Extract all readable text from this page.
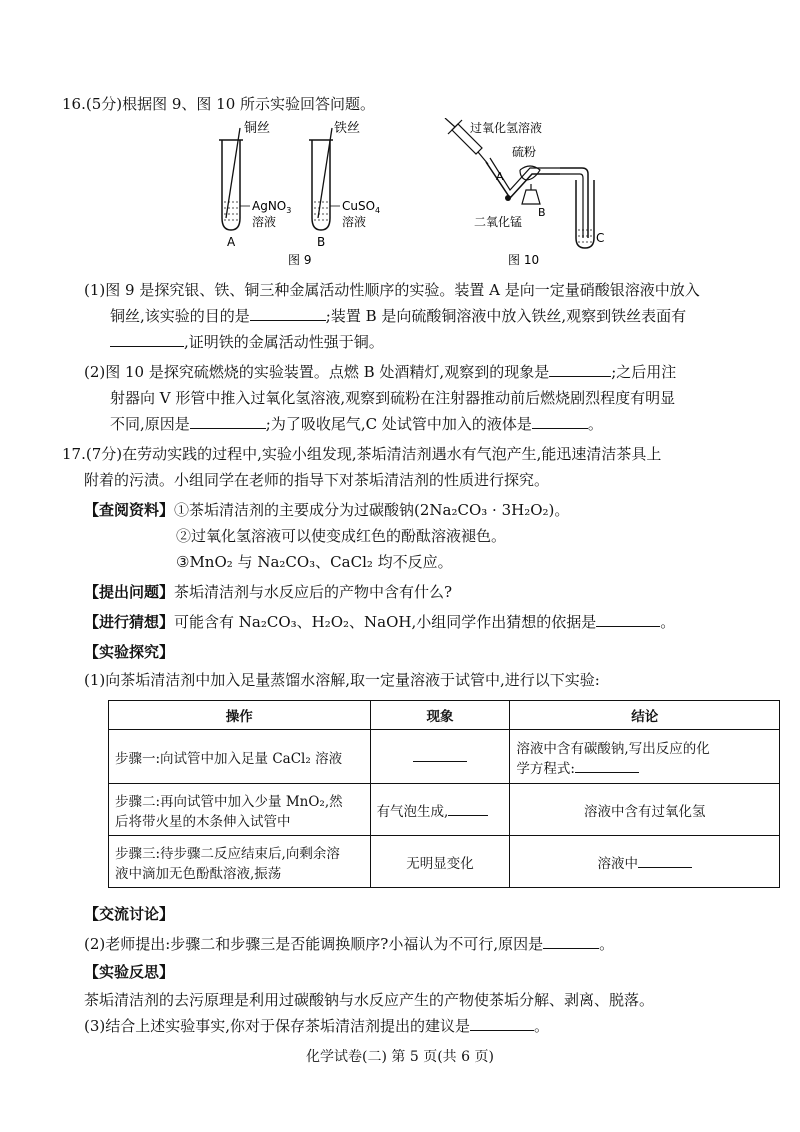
16.(5分)根据图 9、图 10 所示实验回答问题。
铜丝
AgNO$_3$
溶液
A
铁丝
CuSO$_4$
溶液
B
图 9
过氧化氢溶液
硫粉
A
B
二氧化锰
C
图 10
(1)图 9 是探究银、铁、铜三种金属活动性顺序的实验。装置 A 是向一定量硝酸银溶液中放入
铜丝,该实验的目的是	;装置 B 是向硫酸铜溶液中放入铁丝,观察到铁丝表面有
,证明铁的金属活动性强于铜。
(2)图 10 是探究硫燃烧的实验装置。点燃 B 处酒精灯,观察到的现象是	;之后用注
射器向 V 形管中推入过氧化氢溶液,观察到硫粉在注射器推动前后燃烧剧烈程度有明显
不同,原因是	;为了吸收尾气,C 处试管中加入的液体是	。
17.(7分)在劳动实践的过程中,实验小组发现,茶垢清洁剂遇水有气泡产生,能迅速清洁茶具上
附着的污渍。小组同学在老师的指导下对茶垢清洁剂的性质进行探究。
【查阅资料】①茶垢清洁剂的主要成分为过碳酸钠(2Na₂CO₃ · 3H₂O₂)。
②过氧化氢溶液可以使变成红色的酚酞溶液褪色。
③MnO₂ 与 Na₂CO₃、CaCl₂ 均不反应。
【提出问题】茶垢清洁剂与水反应后的产物中含有什么?
【进行猜想】可能含有 Na₂CO₃、H₂O₂、NaOH,小组同学作出猜想的依据是	。
【实验探究】
(1)向茶垢清洁剂中加入足量蒸馏水溶解,取一定量溶液于试管中,进行以下实验:
操作	现象	结论
步骤一:向试管中加入足量 CaCl₂ 溶液		溶液中含有碳酸钠,写出反应的化
学方程式:

步骤二:再向试管中加入少量 MnO₂,然
后将带火星的木条伸入试管中	有气泡生成,	溶液中含有过氧化氢

步骤三:待步骤二反应结束后,向剩余溶
液中滴加无色酚酞溶液,振荡	无明显变化	溶液中
【交流讨论】
(2)老师提出:步骤二和步骤三是否能调换顺序?小福认为不可行,原因是	。
【实验反思】
茶垢清洁剂的去污原理是利用过碳酸钠与水反应产生的产物使茶垢分解、剥离、脱落。
(3)结合上述实验事实,你对于保存茶垢清洁剂提出的建议是	。
化学试卷(二) 第 5 页(共 6 页)
